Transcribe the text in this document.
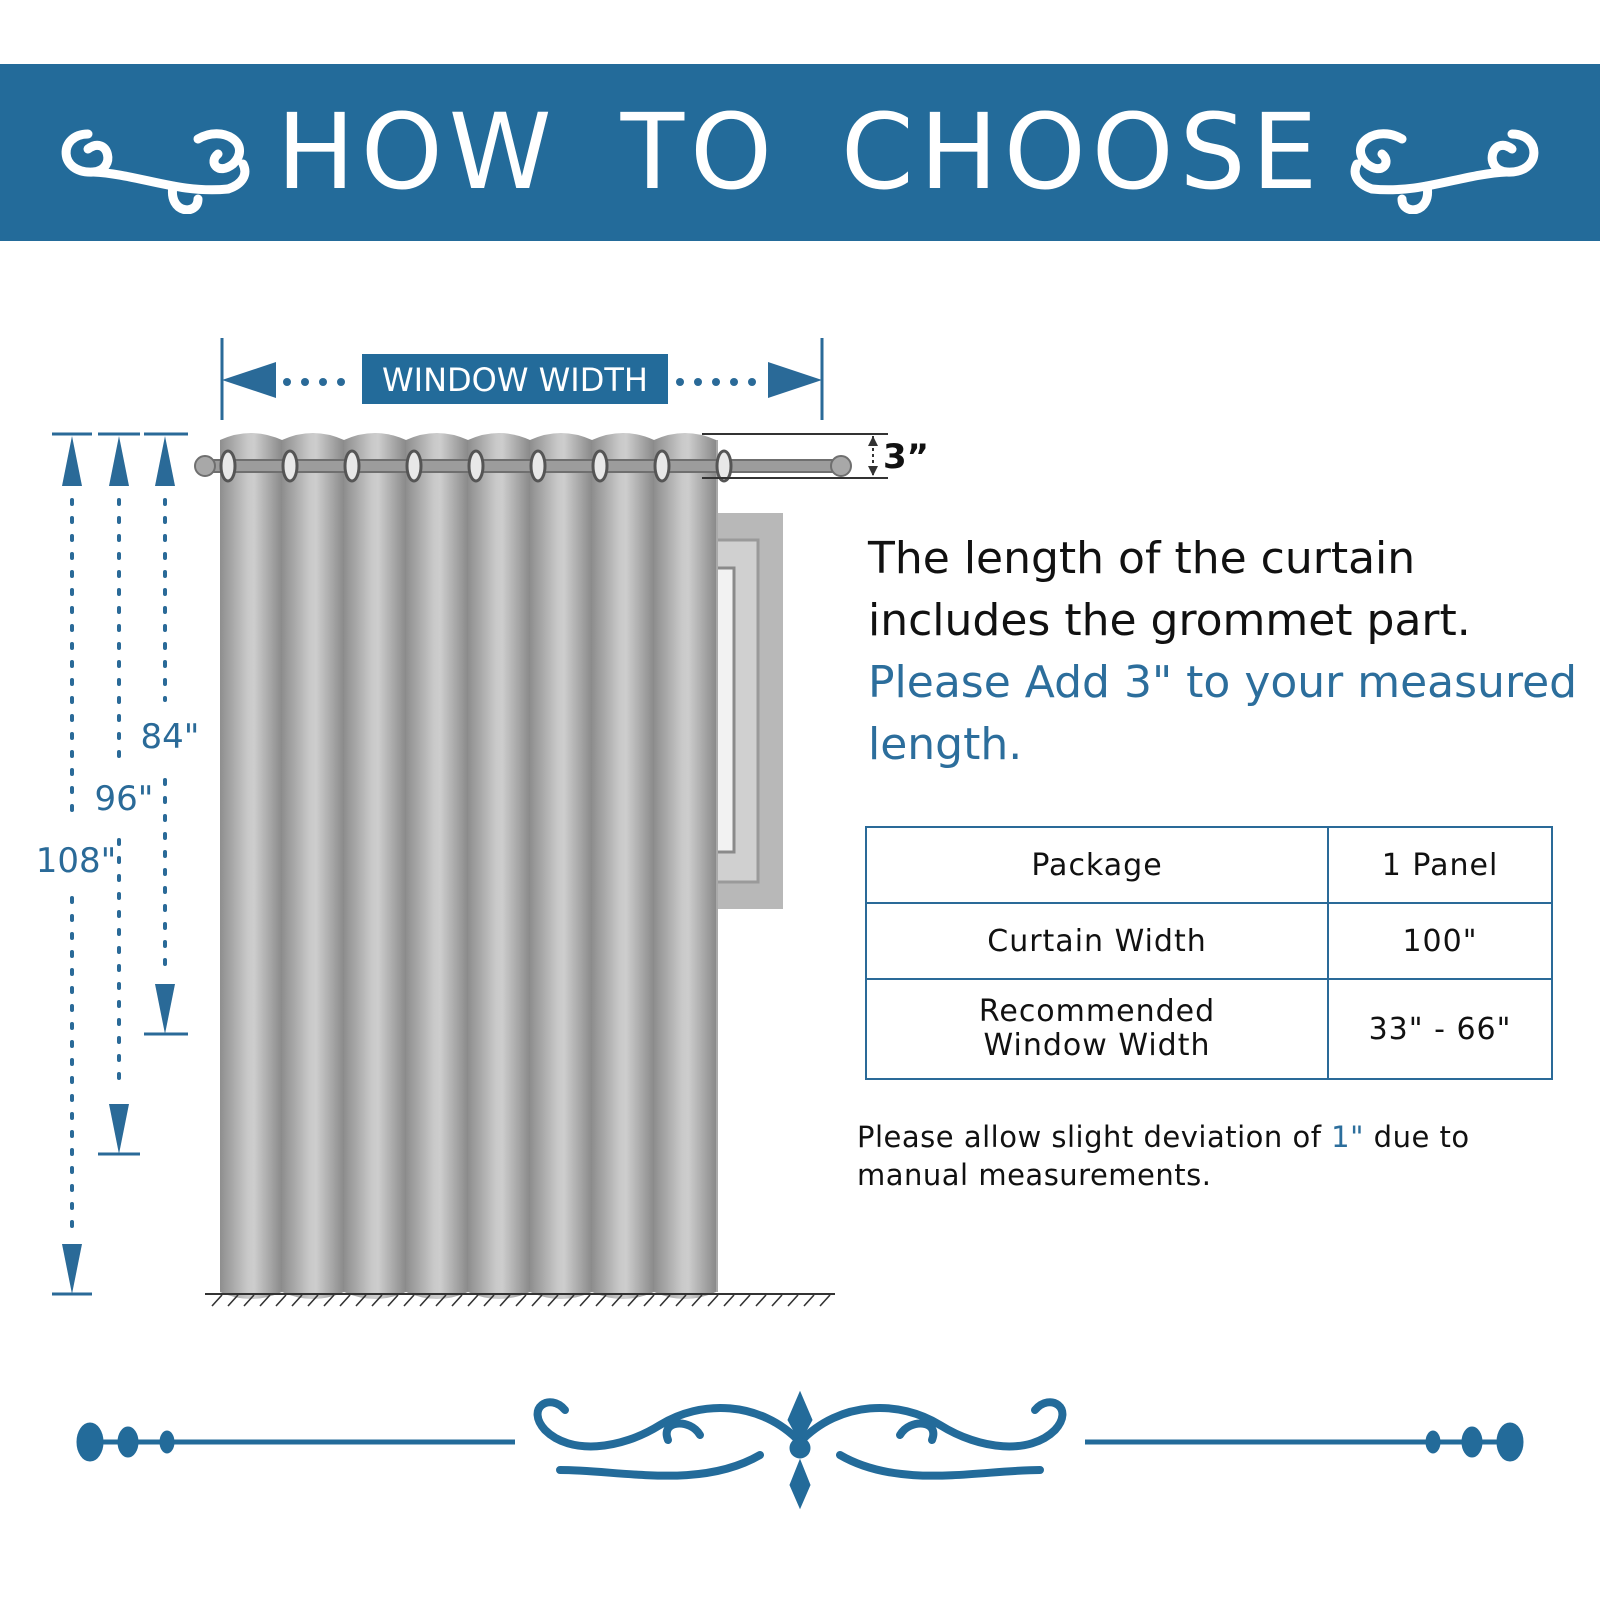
HOW TO CHOOSE
WINDOW WIDTH
3”
108"
96"
84"
The length of the curtain includes the grommet part.
Please Add 3" to your measured length.
Package	1 Panel
Curtain Width	100"
Recommended Window Width	33" - 66"
Please allow slight deviation of 1" due to manual measurements.
